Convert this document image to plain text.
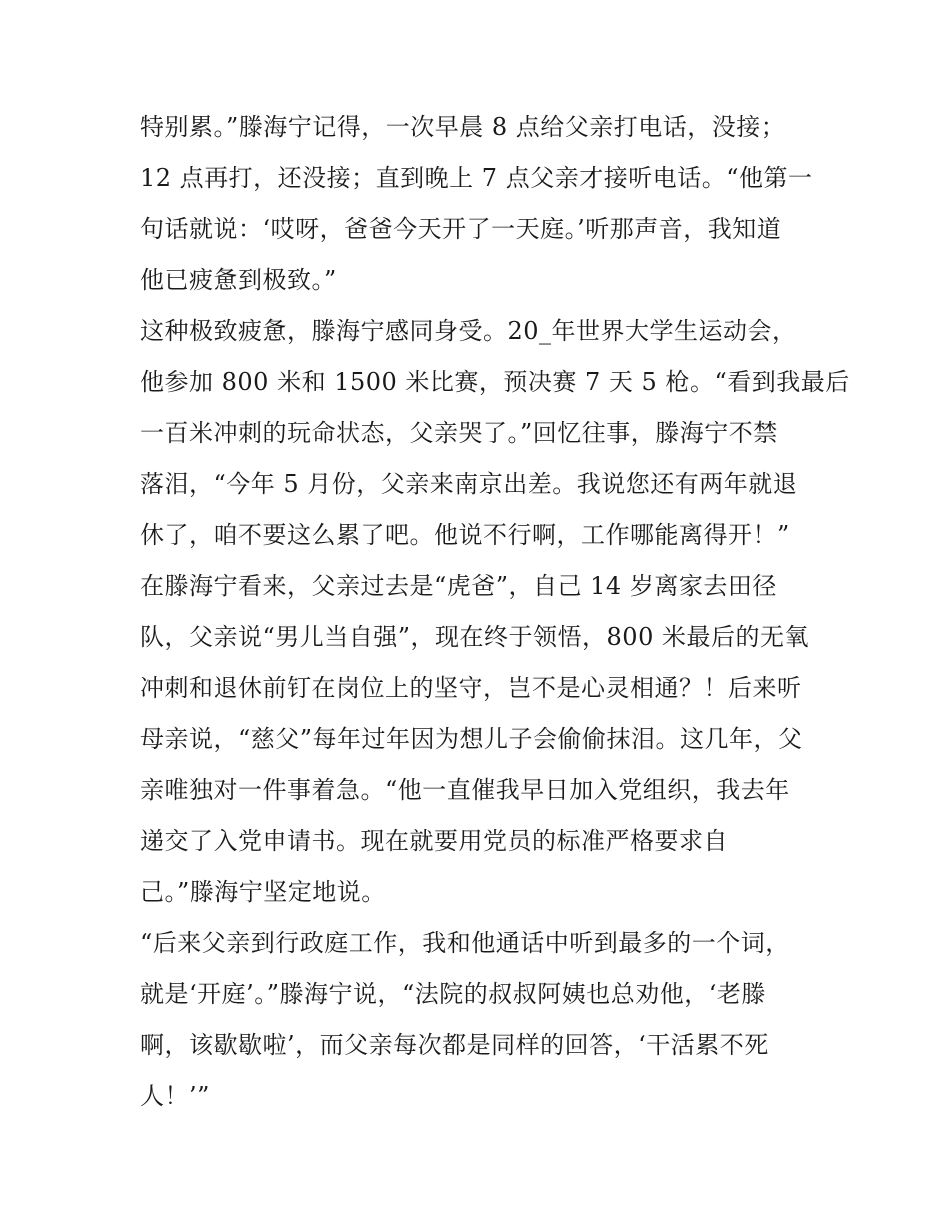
特别累。”滕海宁记得，一次早晨 8 点给父亲打电话，没接；
12 点再打，还没接；直到晚上 7 点父亲才接听电话。“他第一
句话就说：‘哎呀，爸爸今天开了一天庭。’听那声音，我知道
他已疲惫到极致。”
这种极致疲惫，滕海宁感同身受。20_年世界大学生运动会，
他参加 800 米和 1500 米比赛，预决赛 7 天 5 枪。“看到我最后
一百米冲刺的玩命状态，父亲哭了。”回忆往事，滕海宁不禁
落泪，“今年 5 月份，父亲来南京出差。我说您还有两年就退
休了，咱不要这么累了吧。他说不行啊，工作哪能离得开！”
在滕海宁看来，父亲过去是“虎爸”，自己 14 岁离家去田径
队，父亲说“男儿当自强”，现在终于领悟，800 米最后的无氧
冲刺和退休前钉在岗位上的坚守，岂不是心灵相通？！后来听
母亲说，“慈父”每年过年因为想儿子会偷偷抹泪。这几年，父
亲唯独对一件事着急。“他一直催我早日加入党组织，我去年
递交了入党申请书。现在就要用党员的标准严格要求自
己。”滕海宁坚定地说。
“后来父亲到行政庭工作，我和他通话中听到最多的一个词，
就是‘开庭’。”滕海宁说，“法院的叔叔阿姨也总劝他，‘老滕
啊，该歇歇啦’，而父亲每次都是同样的回答，‘干活累不死
人！’”
